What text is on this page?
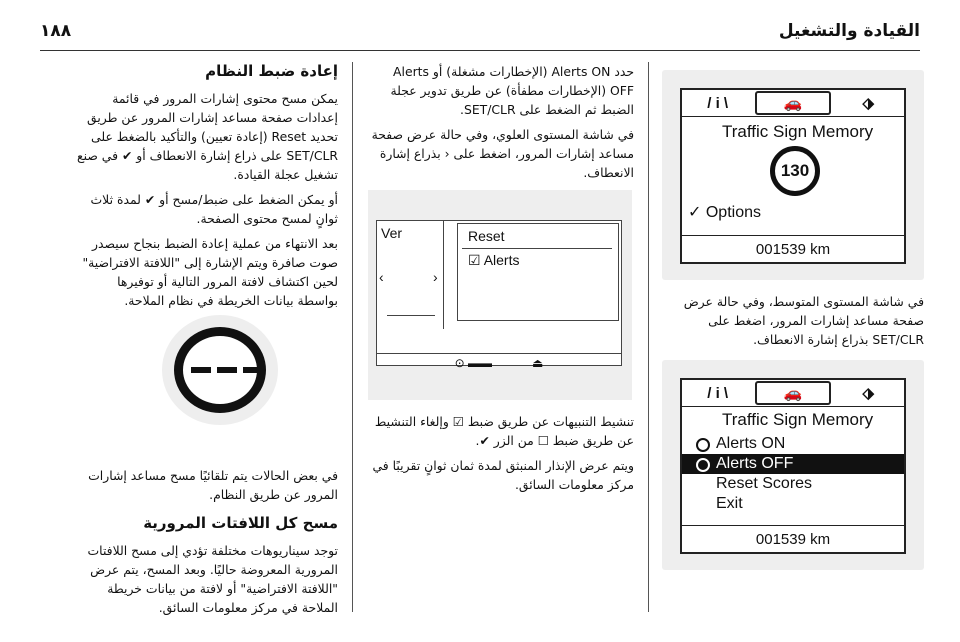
القيادة والتشغيل
١٨٨
إعادة ضبط النظام

يمكن مسح محتوى إشارات المرور في قائمة إعدادات صفحة مساعد إشارات المرور عن طريق تحديد Reset (إعادة تعيين) والتأكيد بالضغط على SET/CLR على ذراع إشارة الانعطاف أو ✔ في صنع تشغيل عجلة القيادة.

أو يمكن الضغط على ضبط/مسح أو ✔ لمدة ثلاث ثوانٍ لمسح محتوى الصفحة.

بعد الانتهاء من عملية إعادة الضبط بنجاح سيصدر صوت صافرة ويتم الإشارة إلى "اللافتة الافتراضية" لحين اكتشاف لافتة المرور التالية أو توفيرها بواسطة بيانات الخريطة في نظام الملاحة.

في بعض الحالات يتم تلقائيًا مسح مساعد إشارات المرور عن طريق النظام.

مسح كل اللافتات المرورية

توجد سيناريوهات مختلفة تؤدي إلى مسح اللافتات المرورية المعروضة حاليًا. وبعد المسح، يتم عرض "اللافتة الافتراضية" أو لافتة من بيانات خريطة الملاحة في مركز معلومات السائق.

حدد Alerts ON (الإخطارات مشغلة) أو Alerts OFF (الإخطارات مطفأة) عن طريق تدوير عجلة الضبط ثم الضغط على SET/CLR.

في شاشة المستوى العلوي، وفي حالة عرض صفحة مساعد إشارات المرور، اضغط على ‹ بذراع إشارة الانعطاف.

Ver
‹	›
Reset
☑ Alerts
⊙ ▬▬	⏏

تنشيط التنبيهات عن طريق ضبط ☑ وإلغاء التنشيط عن طريق ضبط ☐ من الزر ✔.

ويتم عرض الإنذار المنبثق لمدة ثمان ثوانٍ تقريبًا في مركز معلومات السائق.

/ i \	🚗	⬗
Traffic Sign Memory
130
✓ Options
001539 km

في شاشة المستوى المتوسط، وفي حالة عرض صفحة مساعد إشارات المرور، اضغط على SET/CLR بذراع إشارة الانعطاف.

/ i \	🚗	⬗
Traffic Sign Memory
Alerts ON
Alerts OFF
Reset Scores
Exit
001539 km
